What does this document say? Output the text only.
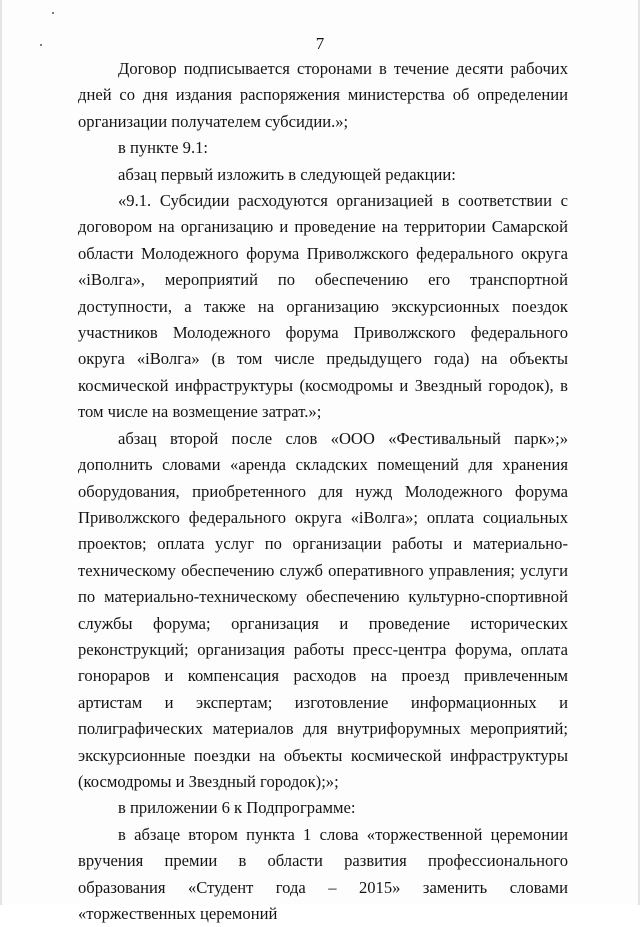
7

Договор подписывается сторонами в течение десяти рабочих дней со дня издания распоряжения министерства об определении организации получателем субсидии.»;

в пункте 9.1:

абзац первый изложить в следующей редакции:

«9.1. Субсидии расходуются организацией в соответствии с договором на организацию и проведение на территории Самарской области Молодежного форума Приволжского федерального округа «iВолга», мероприятий по обеспечению его транспортной доступности, а также на организацию экскурсионных поездок участников Молодежного форума Приволжского федерального округа «iВолга» (в том числе предыдущего года) на объекты космической инфраструктуры (космодромы и Звездный городок), в том числе на возмещение затрат.»;

абзац второй после слов «ООО «Фестивальный парк»;» дополнить словами «аренда складских помещений для хранения оборудования, приобретенного для нужд Молодежного форума Приволжского федерального округа «iВолга»; оплата социальных проектов; оплата услуг по организации работы и материально-техническому обеспечению служб оперативного управления; услуги по материально-техническому обеспечению культурно-спортивной службы форума; организация и проведение исторических реконструкций; организация работы пресс-центра форума, оплата гонораров и компенсация расходов на проезд привлеченным артистам и экспертам; изготовление информационных и полиграфических материалов для внутрифорумных мероприятий; экскурсионные поездки на объекты космической инфраструктуры (космодромы и Звездный городок);»;

в приложении 6 к Подпрограмме:

в абзаце втором пункта 1 слова «торжественной церемонии вручения премии в области развития профессионального образования «Студент года – 2015» заменить словами «торжественных церемоний
